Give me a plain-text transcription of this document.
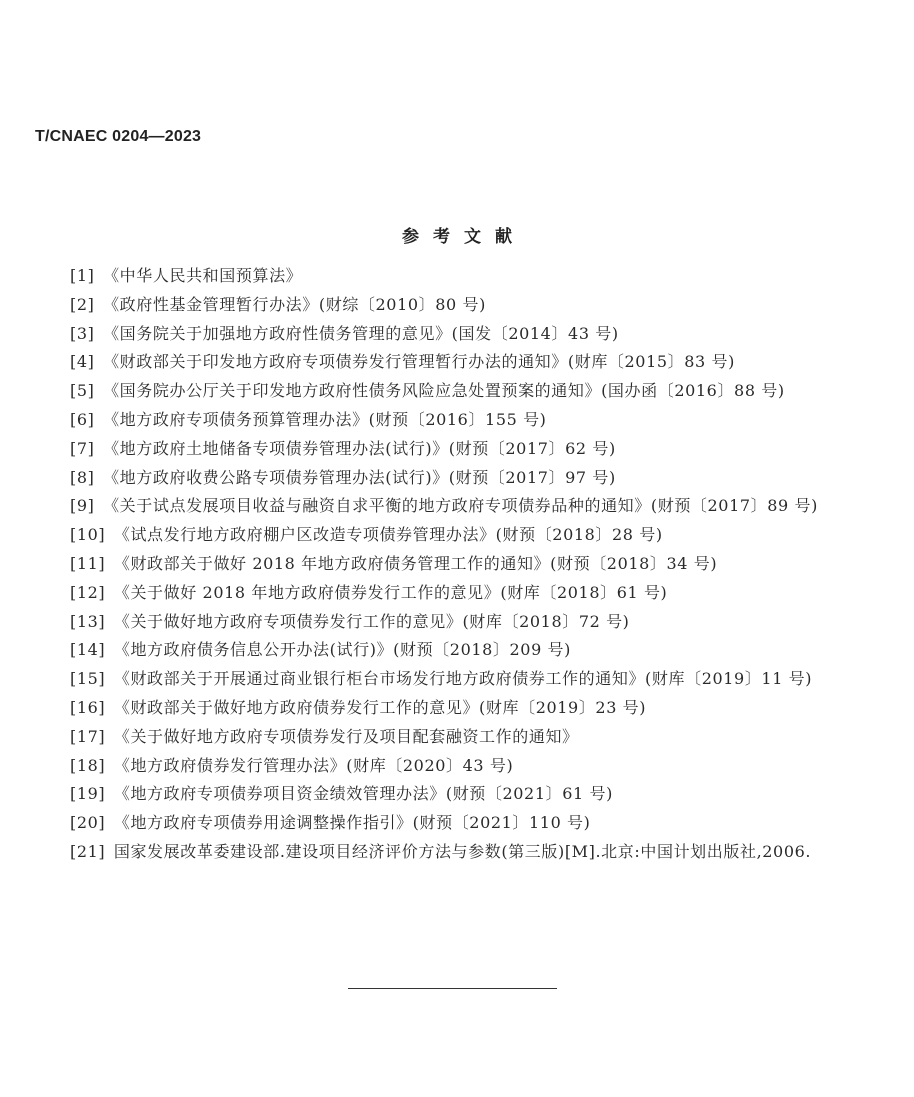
T/CNAEC 0204—2023
参考文献
[1]  《中华人民共和国预算法》
[2]  《政府性基金管理暂行办法》(财综〔2010〕80 号)
[3]  《国务院关于加强地方政府性债务管理的意见》(国发〔2014〕43 号)
[4]  《财政部关于印发地方政府专项债券发行管理暂行办法的通知》(财库〔2015〕83 号)
[5]  《国务院办公厅关于印发地方政府性债务风险应急处置预案的通知》(国办函〔2016〕88 号)
[6]  《地方政府专项债务预算管理办法》(财预〔2016〕155 号)
[7]  《地方政府土地储备专项债券管理办法(试行)》(财预〔2017〕62 号)
[8]  《地方政府收费公路专项债券管理办法(试行)》(财预〔2017〕97 号)
[9]  《关于试点发展项目收益与融资自求平衡的地方政府专项债券品种的通知》(财预〔2017〕89 号)
[10]  《试点发行地方政府棚户区改造专项债券管理办法》(财预〔2018〕28 号)
[11]  《财政部关于做好 2018 年地方政府债务管理工作的通知》(财预〔2018〕34 号)
[12]  《关于做好 2018 年地方政府债券发行工作的意见》(财库〔2018〕61 号)
[13]  《关于做好地方政府专项债券发行工作的意见》(财库〔2018〕72 号)
[14]  《地方政府债务信息公开办法(试行)》(财预〔2018〕209 号)
[15]  《财政部关于开展通过商业银行柜台市场发行地方政府债券工作的通知》(财库〔2019〕11 号)
[16]  《财政部关于做好地方政府债券发行工作的意见》(财库〔2019〕23 号)
[17]  《关于做好地方政府专项债券发行及项目配套融资工作的通知》
[18]  《地方政府债券发行管理办法》(财库〔2020〕43 号)
[19]  《地方政府专项债券项目资金绩效管理办法》(财预〔2021〕61 号)
[20]  《地方政府专项债券用途调整操作指引》(财预〔2021〕110 号)
[21]  国家发展改革委建设部.建设项目经济评价方法与参数(第三版)[M].北京:中国计划出版社,2006.
